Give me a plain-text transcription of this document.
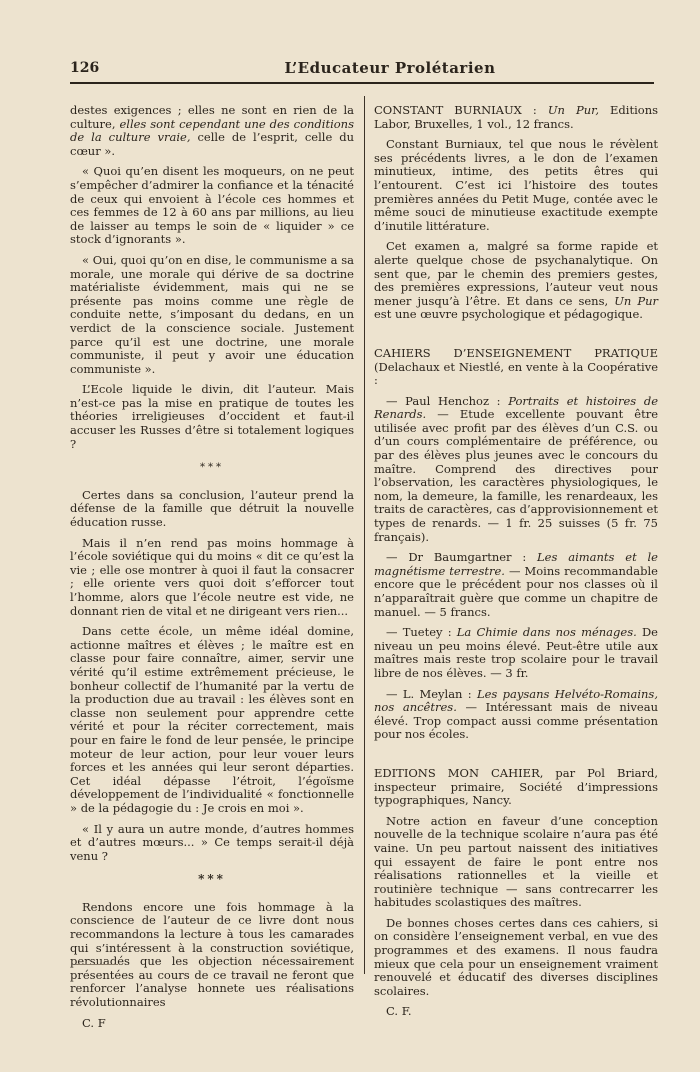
126	L’Educateur Prolétarien

destes exigences ; elles ne sont en rien de la culture, elles sont cependant une des conditions de la culture vraie, celle de l’esprit, celle du cœur ».

« Quoi qu’en disent les moqueurs, on ne peut s’empêcher d’admirer la confiance et la ténacité de ceux qui envoient à l’école ces hommes et ces femmes de 12 à 60 ans par millions, au lieu de laisser au temps le soin de « liquider » ce stock d’ignorants ».

« Oui, quoi qu’on en dise, le communisme a sa morale, une morale qui dérive de sa doctrine matérialiste évidemment, mais qui ne se présente pas moins comme une règle de conduite nette, s’imposant du dedans, en un verdict de la conscience sociale. Justement parce qu’il est une doctrine, une morale communiste, il peut y avoir une éducation communiste ».

L’Ecole liquide le divin, dit l’auteur. Mais n’est-ce pas la mise en pratique de toutes les théories irreligieuses d’occident et faut-il accuser les Russes d’être si totalement logiques ?

***

Certes dans sa conclusion, l’auteur prend la défense de la famille que détruit la nouvelle éducation russe.

Mais il n’en rend pas moins hommage à l’école soviétique qui du moins « dit ce qu’est la vie ; elle ose montrer à quoi il faut la consacrer ; elle oriente vers quoi doit s’efforcer tout l’homme, alors que l’école neutre est vide, ne donnant rien de vital et ne dirigeant vers rien...

Dans cette école, un même idéal domine, actionne maîtres et élèves ; le maître est en classe pour faire connaître, aimer, servir une vérité qu’il estime extrêmement précieuse, le bonheur collectif de l’humanité par la vertu de la production due au travail : les élèves sont en classe non seulement pour apprendre cette vérité et pour la réciter correctement, mais pour en faire le fond de leur pensée, le principe moteur de leur action, pour leur vouer leurs forces et les années qui leur seront départies. Cet idéal dépasse l’étroit, l’égoïsme développement de l’individualité « fonctionnelle » de la pédagogie du : Je crois en moi ».

« Il y aura un autre monde, d’autres hommes et d’autres mœurs... » Ce temps serait-il déjà venu ?

***

Rendons encore une fois hommage à la conscience de l’auteur de ce livre dont nous recommandons la lecture à tous les camarades qui s’intéressent à la construction soviétique, persuadés que les objection nécessairement présentées au cours de ce travail ne feront que renforcer l’analyse honnete ues réalisations révolutionnaires

C. F

CONSTANT BURNIAUX : Un Pur, Editions Labor, Bruxelles, 1 vol., 12 francs.

Constant Burniaux, tel que nous le révèlent ses précédents livres, a le don de l’examen minutieux, intime, des petits êtres qui l’entourent. C’est ici l’histoire des toutes premières années du Petit Muge, contée avec le même souci de minutieuse exactitude exempte d’inutile littérature.

Cet examen a, malgré sa forme rapide et alerte quelque chose de psychanalytique. On sent que, par le chemin des premiers gestes, des premières expressions, l’auteur veut nous mener jusqu’à l’être. Et dans ce sens, Un Pur est une œuvre psychologique et pédagogique.

CAHIERS D’ENSEIGNEMENT PRATIQUE (Delachaux et Niestlé, en vente à la Coopérative :

— Paul Henchoz : Portraits et histoires de Renards. — Etude excellente pouvant être utilisée avec profit par des élèves d’un C.S. ou d’un cours complémentaire de préférence, ou par des élèves plus jeunes avec le concours du maître. Comprend des directives pour l’observation, les caractères physiologiques, le nom, la demeure, la famille, les renardeaux, les traits de caractères, cas d’approvisionnement et types de renards. — 1 fr. 25 suisses (5 fr. 75 français).

— Dr Baumgartner : Les aimants et le magnétisme terrestre. — Moins recommandable encore que le précédent pour nos classes où il n’apparaîtrait guère que comme un chapitre de manuel. — 5 francs.

— Tuetey : La Chimie dans nos ménages. De niveau un peu moins élevé. Peut-être utile aux maîtres mais reste trop scolaire pour le travail libre de nos élèves. — 3 fr.

— L. Meylan : Les paysans Helvéto-Romains, nos ancêtres. — Intéressant mais de niveau élevé. Trop compact aussi comme présentation pour nos écoles.

EDITIONS MON CAHIER, par Pol Briard, inspecteur primaire, Société d’impressions typographiques, Nancy.

Notre action en faveur d’une conception nouvelle de la technique scolaire n’aura pas été vaine. Un peu partout naissent des initiatives qui essayent de faire le pont entre nos réalisations rationnelles et la vieille et routinière technique — sans contrecarrer les habitudes scolastiques des maîtres.

De bonnes choses certes dans ces cahiers, si on considère l’enseignement verbal, en vue des programmes et des examens. Il nous faudra mieux que cela pour un enseignement vraiment renouvelé et éducatif des diverses disciplines scolaires.

C. F.
